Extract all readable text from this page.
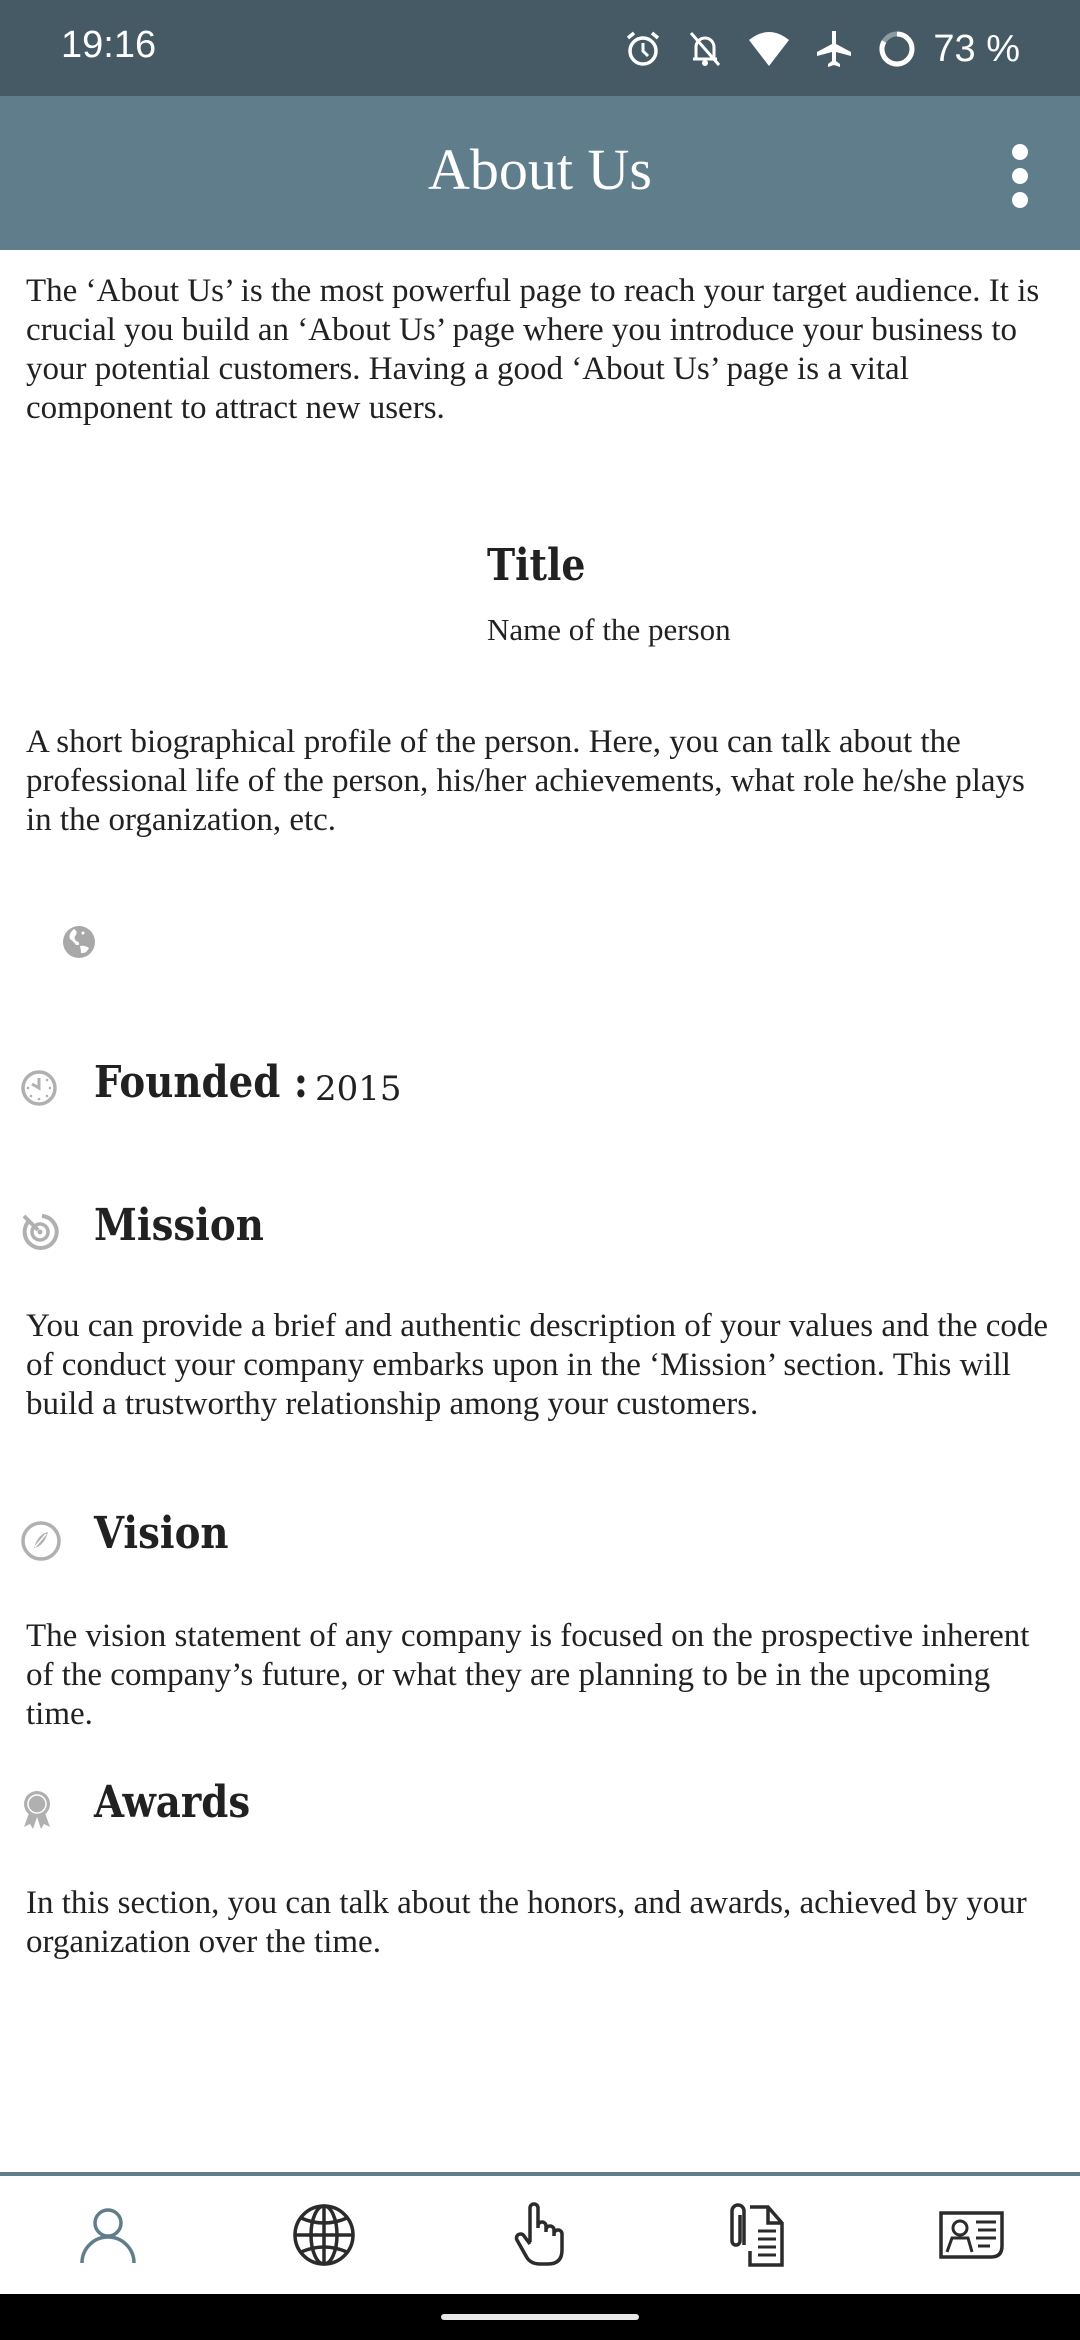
19:16	73 %
About Us

The ‘About Us’ is the most powerful page to reach your target audience. It is crucial you build an ‘About Us’ page where you introduce your business to your potential customers. Having a good ‘About Us’ page is a vital component to attract new users.

Title
Name of the person

A short biographical profile of the person. Here, you can talk about the professional life of the person, his/her achievements, what role he/she plays in the organization, etc.

Founded : 2015
Mission

You can provide a brief and authentic description of your values and the code of conduct your company embarks upon in the ‘Mission’ section. This will build a trustworthy relationship among your customers.

Vision

The vision statement of any company is focused on the prospective inherent of the company’s future, or what they are planning to be in the upcoming time.

Awards

In this section, you can talk about the honors, and awards, achieved by your organization over the time.
